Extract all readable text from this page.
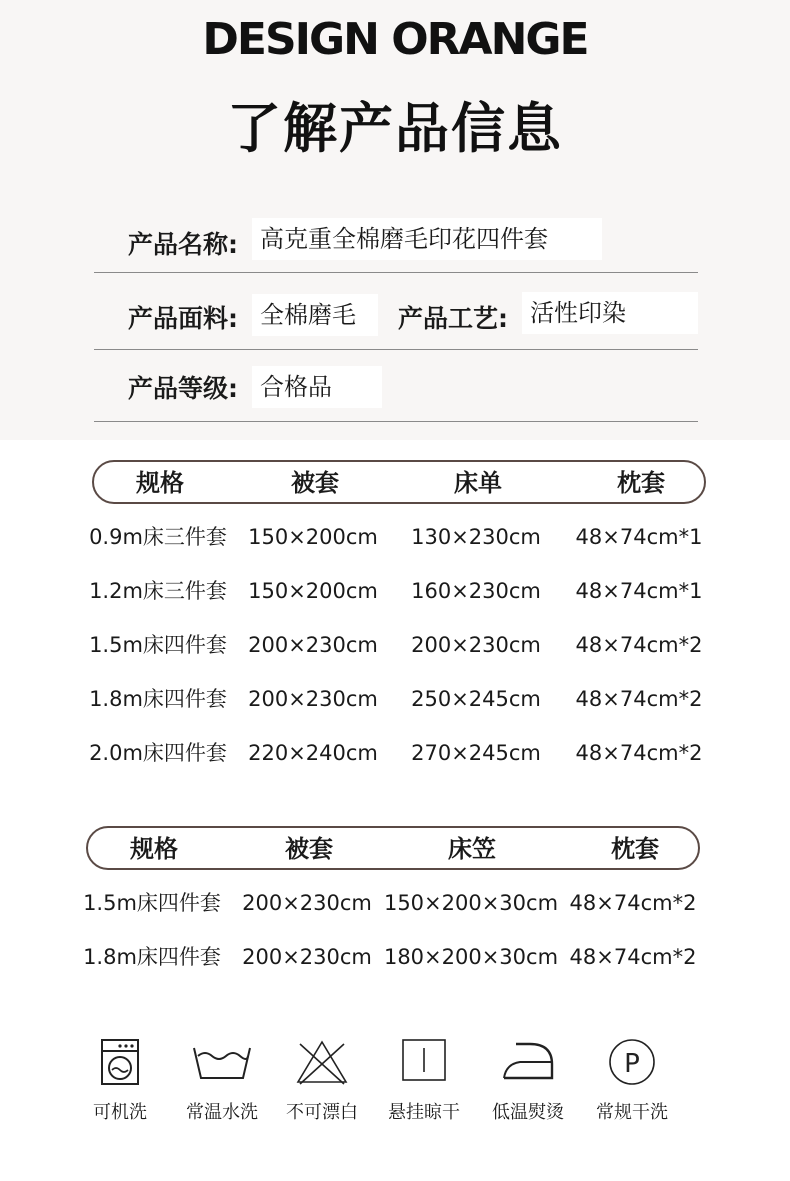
DESIGN ORANGE
了解产品信息
产品名称: 高克重全棉磨毛印花四件套
产品面料: 全棉磨毛	产品工艺: 活性印染
产品等级: 合格品
规格	被套	床单	枕套
0.9m床三件套 150×200cm 130×230cm 48×74cm*1
1.2m床三件套 150×200cm 160×230cm 48×74cm*1
1.5m床四件套 200×230cm 200×230cm 48×74cm*2
1.8m床四件套 200×230cm 250×245cm 48×74cm*2
2.0m床四件套 220×240cm 270×245cm 48×74cm*2
规格	被套	床笠	枕套
1.5m床四件套 200×230cm 150×200×30cm 48×74cm*2
1.8m床四件套 200×230cm 180×200×30cm 48×74cm*2
可机洗	常温水洗	不可漂白	悬挂晾干	低温熨烫
P
常规干洗
